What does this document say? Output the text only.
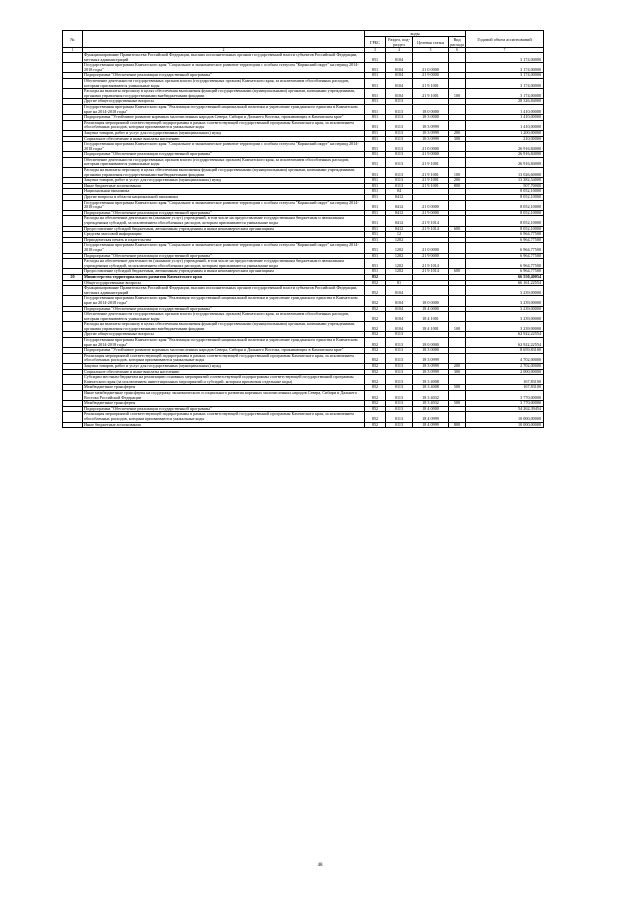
№		коды				Годовой объем ассигнований
		ГРБС	Раздел, под-раздел	Целевая статья	Вид расхода	
1	2	3	4	5	6	7
	Функционирование Правительства Российской Федерации, высших исполнительных органов государственной власти субъектов Российской Федерации, местных администраций	851	0104			3 174,00000
	Государственная программа Камчатского края "Социальное и экономическое развитие территории с особым статусом "Корякский округ" на период 2014-2018 годы"	851	0104	21 0 0000		3 174,00000
	Подпрограмма "Обеспечение реализации государственной программы"	851	0104	21 9 0000		3 174,00000
	Обеспечение деятельности государственных органов власти (государственных органов) Камчатского края, за исключением обособленных расходов, которым присваиваются уникальные коды	851	0104	21 9 1001		3 174,00000
	Расходы на выплаты персоналу в целях обеспечения выполнения функций государственными (муниципальными) органами, казенными учреждениями, органами управления государственными внебюджетными фондами	851	0104	21 9 1001	100	3 174,00000
	Другие общегосударственные вопросы	851	0113			28 326,84000
	Государственная программа Камчатского края "Реализация государственной национальной политики и укрепление гражданского единства в Камчатском крае на 2014-2018 годы"	851	0113	18 0 0000		1 410,00000
	Подпрограмма "Устойчивое развитие коренных малочисленных народов Севера, Сибири и Дальнего Востока, проживающих в Камчатском крае"	851	0113	18 3 0000		1 410,00000
	Реализация мероприятий соответствующей подпрограммы в рамках соответствующей государственной программы Камчатского края, за исключением обособленных расходов, которым присваиваются уникальные коды	851	0113	18 3 0999		1 410,00000
	Закупка товаров, работ и услуг для государственных (муниципальных) нужд	851	0113	18 3 0999	200	1 200,00000
	Социальное обеспечение и иные выплаты населению	851	0113	18 3 0999	300	210,00000
	Государственная программа Камчатского края "Социальное и экономическое развитие территории с особым статусом "Корякский округ" на период 2014-2018 годы"	851	0113	21 0 0000		26 916,84000
	Подпрограмма "Обеспечение реализации государственной программы"	851	0113	21 9 0000		26 916,84000
	Обеспечение деятельности государственных органов власти (государственных органов) Камчатского края, за исключением обособленных расходов, которым присваиваются уникальные коды	851	0113	21 9 1001		26 916,84000
	Расходы на выплаты персоналу в целях обеспечения выполнения функций государственными (муниципальными) органами, казенными учреждениями, органами управления государственными внебюджетными фондами	851	0113	21 9 1001	100	13 026,60000
	Закупка товаров, работ и услуг для государственных (муниципальных) нужд	851	0113	21 9 1001	200	13 382,54000
	Иные бюджетные ассигнования	851	0113	21 9 1001	800	507,70000
	Национальная экономика	851	04			8 052,10000
	Другие вопросы в области национальной экономики	851	0412			8 052,10000
	Государственная программа Камчатского края "Социальное и экономическое развитие территории с особым статусом "Корякский округ" на период 2014-2018 годы"	851	0412	21 0 0000		8 052,10000
	Подпрограмма "Обеспечение реализации государственной программы"	851	0412	21 9 0000		8 052,10000
	Расходы на обеспечение деятельности (оказание услуг) учреждений, в том числе на предоставление государственным бюджетным и автономным учреждениям субсидий, за исключением обособленных расходов, которым присваиваются уникальные коды	851	0412	21 9 1014		8 052,10000
	Предоставление субсидий бюджетным, автономным учреждениям и иным некоммерческим организациям	851	0412	21 9 1014	600	8 052,10000
	Средства массовой информации	851	12			6 964,77500
	Периодическая печать и издательства	851	1202			6 964,77500
	Государственная программа Камчатского края "Социальное и экономическое развитие территории с особым статусом "Корякский округ" на период 2014-2018 годы"	851	1202	21 0 0000		6 964,77500
	Подпрограмма "Обеспечение реализации государственной программы"	851	1202	21 9 0000		6 964,77500
	Расходы на обеспечение деятельности (оказание услуг) учреждений, в том числе на предоставление государственным бюджетным и автономным учреждениям субсидий, за исключением обособленных расходов, которым присваиваются уникальные коды	851	1202	21 9 1014		6 964,77500
	Предоставление субсидий бюджетным, автономным учреждениям и иным некоммерческим организациям	851	1202	21 9 1014	600	6 964,77500
20	Министерство территориального развития Камчатского края	852				66 550,40054
	Общегосударственные вопросы	852	01			66 161,22554
	Функционирование Правительства Российской Федерации, высших исполнительных органов государственной власти субъектов Российской Федерации, местных администраций	852	0104			3 239,00000
	Государственная программа Камчатского края "Реализация государственной национальной политики и укрепление гражданского единства в Камчатском крае на 2014-2018 годы"	852	0104	18 0 0000		3 239,00000
	Подпрограмма "Обеспечение реализации государственной программы"	852	0104	18 4 0000		3 239,00000
	Обеспечение деятельности государственных органов власти (государственных органов) Камчатского края, за исключением обособленных расходов, которым присваиваются уникальные коды	852	0104	18 4 1001		3 239,00000
	Расходы на выплаты персоналу в целях обеспечения выполнения функций государственными (муниципальными) органами, казенными учреждениями, органами управления государственными внебюджетными фондами	852	0104	18 4 1001	100	3 239,00000
	Другие общегосударственные вопросы	852	0113			62 922,22554
	Государственная программа Камчатского края "Реализация государственной национальной политики и укрепление гражданского единства в Камчатском крае на 2014-2018 годы"	852	0113	18 0 0000		62 922,22554
	Подпрограмма "Устойчивое развитие коренных малочисленных народов Севера, Сибири и Дальнего Востока, проживающих в Камчатском крае"	852	0113	18 3 0000		8 659,83100
	Реализация мероприятий соответствующей подпрограммы в рамках соответствующей государственной программы Камчатского края, за исключением обособленных расходов, которым присваиваются уникальные коды	852	0113	18 3 0999		4 702,00000
	Закупка товаров, работ и услуг для государственных (муниципальных) нужд	852	0113	18 3 0999	200	2 702,00000
	Социальное обеспечение и иные выплаты населению	852	0113	18 3 0999	300	2 000,00000
	Субсидии местным бюджетам на реализацию основных мероприятий соответствующей подпрограммы соответствующей государственной программы Камчатского края (за исключением инвестиционных мероприятий и субсидий, которым присвоены отдельные коды)	852	0113	18 3 4008		167,83100
	Межбюджетные трансферты	852	0113	18 3 4008	500	167,83100
	Иные межбюджетные трансферты на поддержку экономического и социального развития коренных малочисленных народов Севера, Сибири и Дальнего Востока Российской Федерации	852	0113	18 3 4032		3 770,00000
	Межбюджетные трансферты	852	0113	18 3 4032	500	3 770,00000
	Подпрограмма "Обеспечение реализации государственной программы"	852	0113	18 4 0000		54 262,39454
	Реализация мероприятий соответствующей подпрограммы в рамках соответствующей государственной программы Камчатского края, за исключением обособленных расходов, которым присваиваются уникальные коды	852	0113	18 4 0999		10 000,00000
	Иные бюджетные ассигнования	852	0113	18 4 0999	800	10 000,00000
48
